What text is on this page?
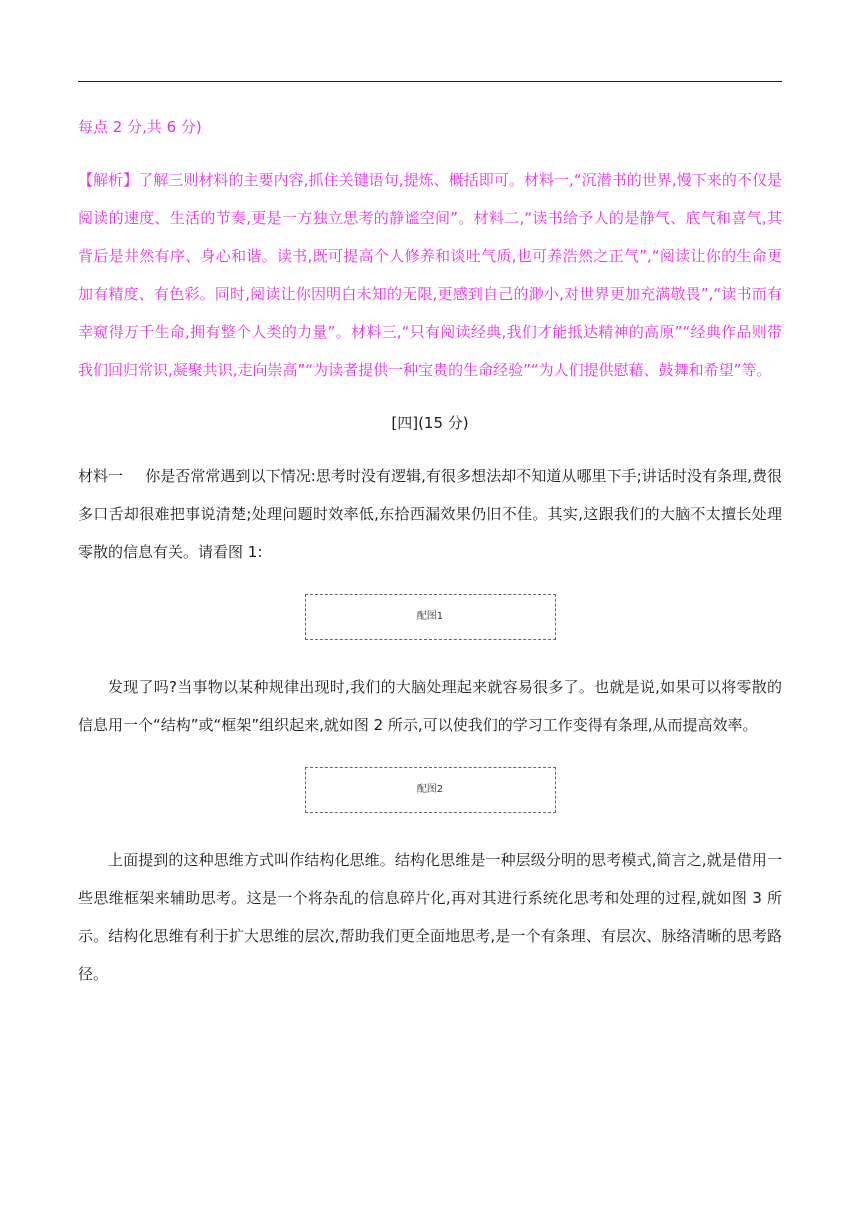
每点 2 分,共 6 分)

【解析】了解三则材料的主要内容,抓住关键语句,提炼、概括即可。材料一,“沉潜书的世界,慢下来的不仅是阅读的速度、生活的节奏,更是一方独立思考的静谧空间”。材料二,“读书给予人的是静气、底气和喜气,其背后是井然有序、身心和谐。读书,既可提高个人修养和谈吐气质,也可养浩然之正气”,“阅读让你的生命更加有精度、有色彩。同时,阅读让你因明白未知的无限,更感到自己的渺小,对世界更加充满敬畏”,“读书而有幸窥得万千生命,拥有整个人类的力量”。材料三,“只有阅读经典,我们才能抵达精神的高原”“经典作品则带我们回归常识,凝聚共识,走向崇高”“为读者提供一种宝贵的生命经验”“为人们提供慰藉、鼓舞和希望”等。

[四](15 分)

材料一 你是否常常遇到以下情况:思考时没有逻辑,有很多想法却不知道从哪里下手;讲话时没有条理,费很多口舌却很难把事说清楚;处理问题时效率低,东拾西漏效果仍旧不佳。其实,这跟我们的大脑不太擅长处理零散的信息有关。请看图 1:

配图1

发现了吗?当事物以某种规律出现时,我们的大脑处理起来就容易很多了。也就是说,如果可以将零散的信息用一个“结构”或“框架”组织起来,就如图 2 所示,可以使我们的学习工作变得有条理,从而提高效率。

配图2

上面提到的这种思维方式叫作结构化思维。结构化思维是一种层级分明的思考模式,简言之,就是借用一些思维框架来辅助思考。这是一个将杂乱的信息碎片化,再对其进行系统化思考和处理的过程,就如图 3 所示。结构化思维有利于扩大思维的层次,帮助我们更全面地思考,是一个有条理、有层次、脉络清晰的思考路径。
